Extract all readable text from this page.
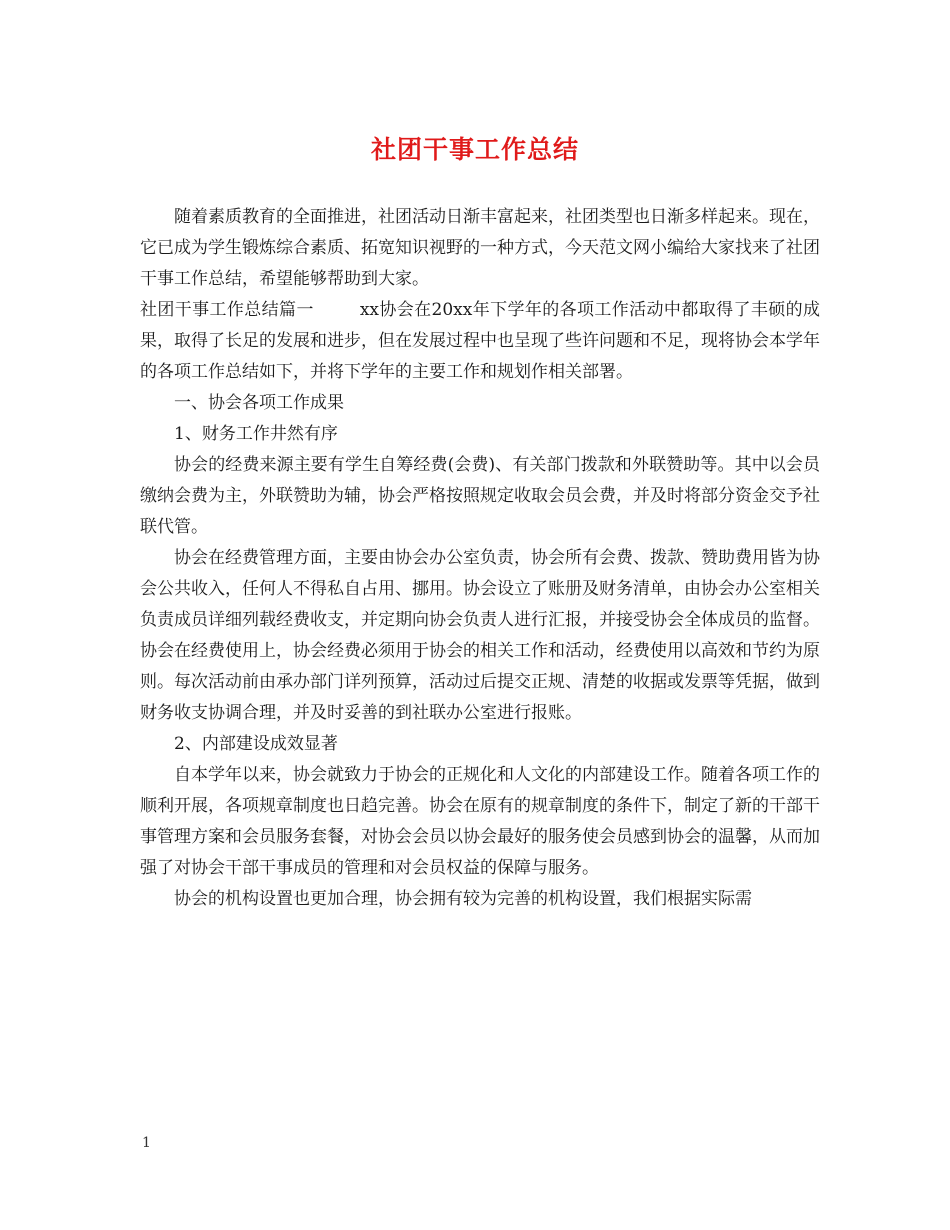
社团干事工作总结

随着素质教育的全面推进，社团活动日渐丰富起来，社团类型也日渐多样起来。现在，它已成为学生锻炼综合素质、拓宽知识视野的一种方式，今天范文网小编给大家找来了社团干事工作总结，希望能够帮助到大家。

社团干事工作总结篇一	xx协会在20xx年下学年的各项工作活动中都取得了丰硕的成果，取得了长足的发展和进步，但在发展过程中也呈现了些许问题和不足，现将协会本学年的各项工作总结如下，并将下学年的主要工作和规划作相关部署。

一、协会各项工作成果

1、财务工作井然有序

协会的经费来源主要有学生自筹经费(会费)、有关部门拨款和外联赞助等。其中以会员缴纳会费为主，外联赞助为辅，协会严格按照规定收取会员会费，并及时将部分资金交予社联代管。

协会在经费管理方面，主要由协会办公室负责，协会所有会费、拨款、赞助费用皆为协会公共收入，任何人不得私自占用、挪用。协会设立了账册及财务清单，由协会办公室相关负责成员详细列载经费收支，并定期向协会负责人进行汇报，并接受协会全体成员的监督。协会在经费使用上，协会经费必须用于协会的相关工作和活动，经费使用以高效和节约为原则。每次活动前由承办部门详列预算，活动过后提交正规、清楚的收据或发票等凭据，做到财务收支协调合理，并及时妥善的到社联办公室进行报账。

2、内部建设成效显著

自本学年以来，协会就致力于协会的正规化和人文化的内部建设工作。随着各项工作的顺利开展，各项规章制度也日趋完善。协会在原有的规章制度的条件下，制定了新的干部干事管理方案和会员服务套餐，对协会会员以协会最好的服务使会员感到协会的温馨，从而加强了对协会干部干事成员的管理和对会员权益的保障与服务。

协会的机构设置也更加合理，协会拥有较为完善的机构设置，我们根据实际需

1
